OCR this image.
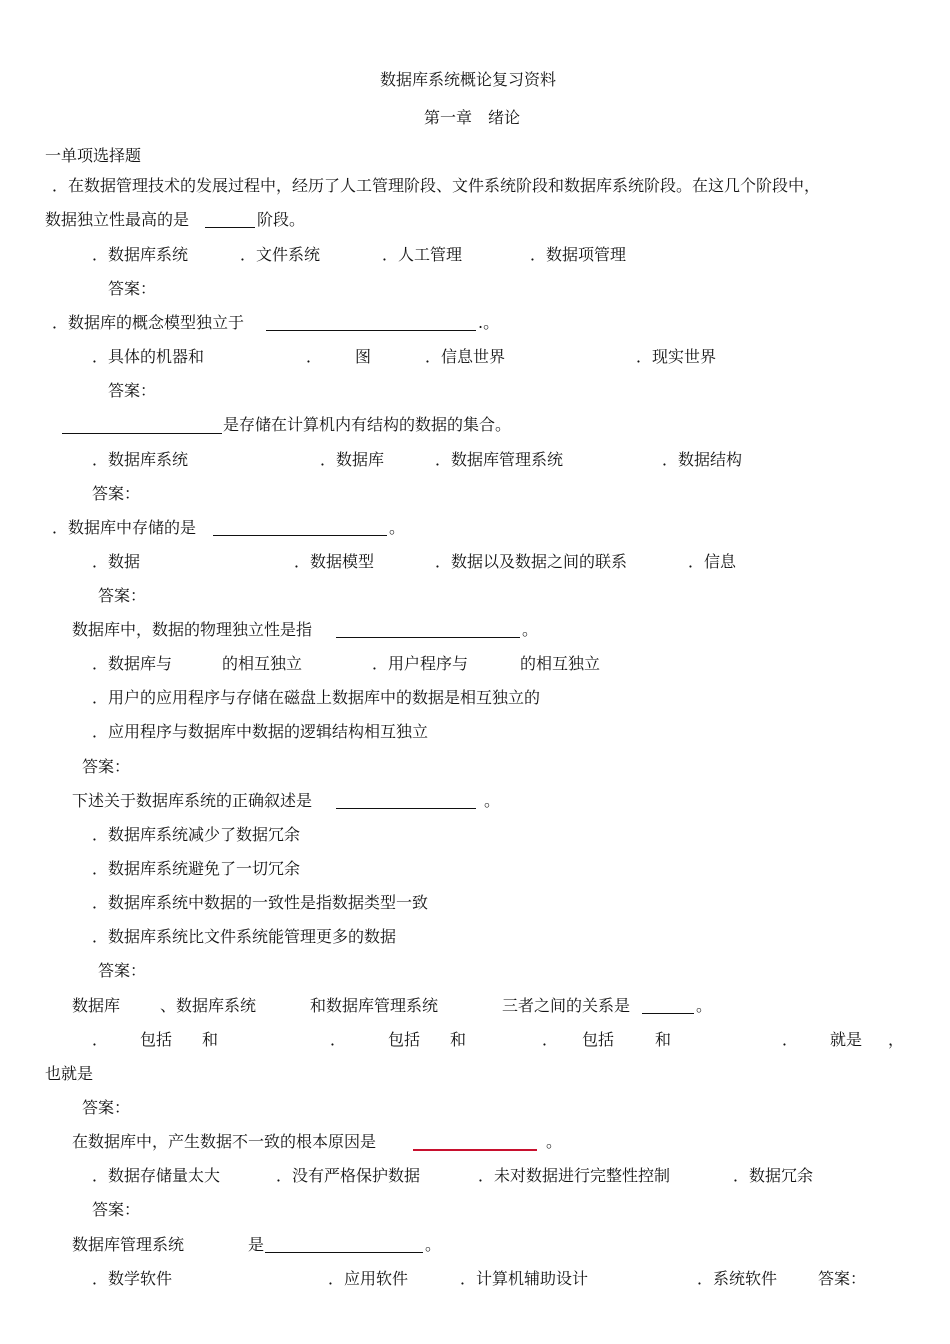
数据库系统概论复习资料
第一章　绪论
一单项选择题
．在数据管理技术的发展过程中，经历了人工管理阶段、文件系统阶段和数据库系统阶段。在这几个阶段中，
数据独立性最高的是	阶段。
．数据库系统	．文件系统	．人工管理	．数据项管理
答案：
．数据库的概念模型独立于	.。
．具体的机器和	． 图	．信息世界	．现实世界
答案：
是存储在计算机内有结构的数据的集合。
．数据库系统	．数据库	．数据库管理系统	．数据结构
答案：
．数据库中存储的是	。
．数据	．数据模型	．数据以及数据之间的联系	．信息
答案：
数据库中，数据的物理独立性是指	。
．数据库与	的相互独立	．用户程序与	的相互独立
．用户的应用程序与存储在磁盘上数据库中的数据是相互独立的
．应用程序与数据库中数据的逻辑结构相互独立
答案：
下述关于数据库系统的正确叙述是	。
．数据库系统减少了数据冗余
．数据库系统避免了一切冗余
．数据库系统中数据的一致性是指数据类型一致
．数据库系统比文件系统能管理更多的数据
答案：
数据库 、数据库系统	和数据库管理系统	三者之间的关系是	。
． 包括 和	．	包括 和	． 包括	和	． 就是 ，
也就是
答案：
在数据库中，产生数据不一致的根本原因是	。
．数据存储量太大	．没有严格保护数据	．未对数据进行完整性控制	．数据冗余
答案：
数据库管理系统	是	。
．数学软件	．应用软件	．计算机辅助设计	．系统软件	答案：
